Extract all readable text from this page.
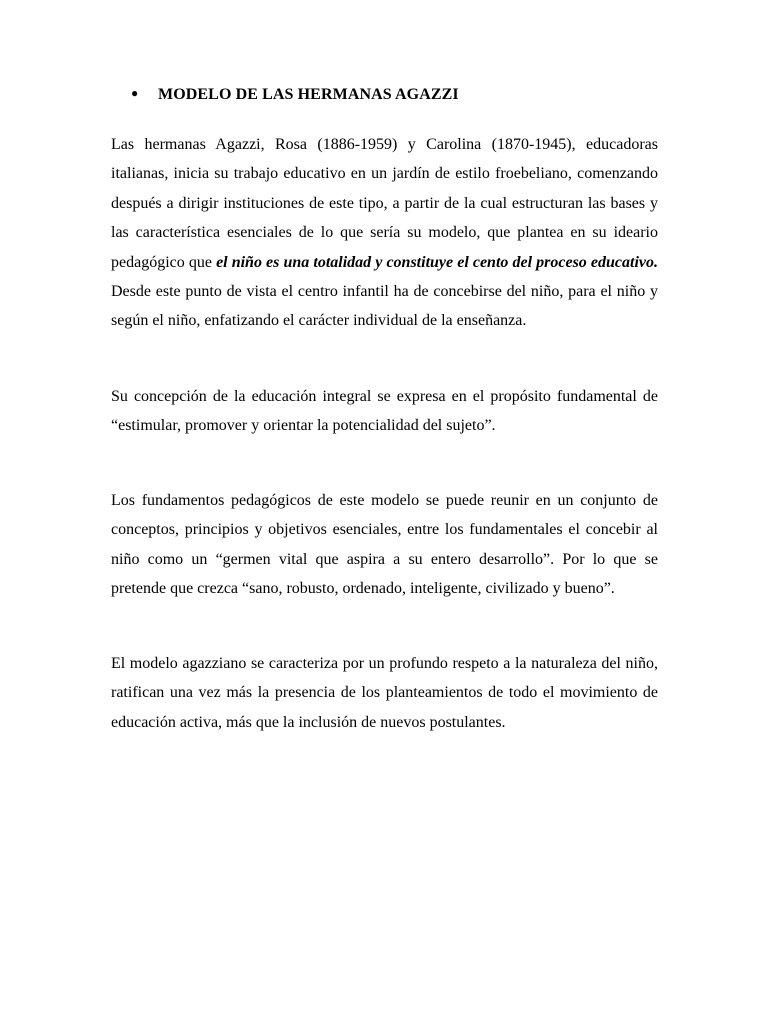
● MODELO DE LAS HERMANAS AGAZZI

Las hermanas Agazzi, Rosa (1886-1959) y Carolina (1870-1945), educadoras italianas, inicia su trabajo educativo en un jardín de estilo froebeliano, comenzando después a dirigir instituciones de este tipo, a partir de la cual estructuran las bases y las característica esenciales de lo que sería su modelo, que plantea en su ideario pedagógico que el niño es una totalidad y constituye el cento del proceso educativo. Desde este punto de vista el centro infantil ha de concebirse del niño, para el niño y según el niño, enfatizando el carácter individual de la enseñanza.

Su concepción de la educación integral se expresa en el propósito fundamental de “estimular, promover y orientar la potencialidad del sujeto”.

Los fundamentos pedagógicos de este modelo se puede reunir en un conjunto de conceptos, principios y objetivos esenciales, entre los fundamentales el concebir al niño como un “germen vital que aspira a su entero desarrollo”. Por lo que se pretende que crezca “sano, robusto, ordenado, inteligente, civilizado y bueno”.

El modelo agazziano se caracteriza por un profundo respeto a la naturaleza del niño, ratifican una vez más la presencia de los planteamientos de todo el movimiento de educación activa, más que la inclusión de nuevos postulantes.
